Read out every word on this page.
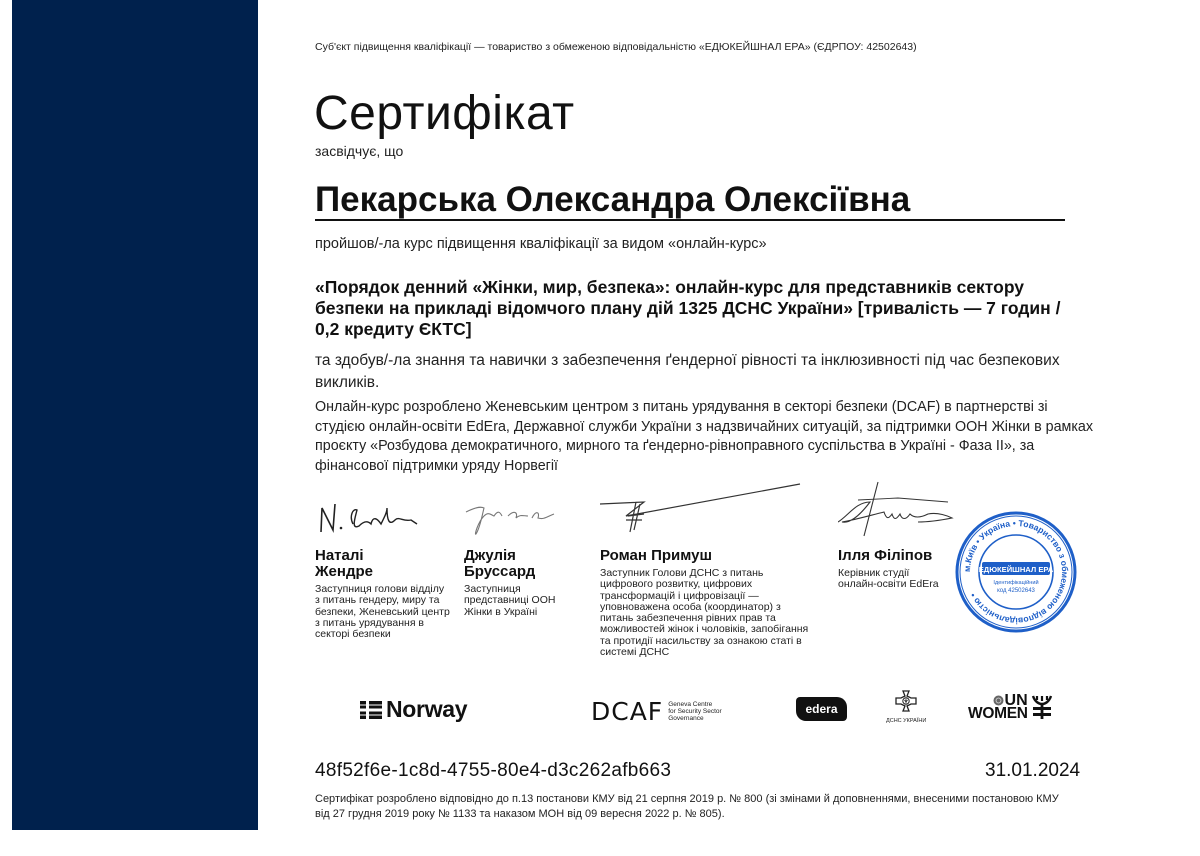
Суб'єкт підвищення кваліфікації — товариство з обмеженою відповідальністю «ЕДЮКЕЙШНАЛ ЕРА» (ЄДРПОУ: 42502643)
Сертифікат
засвідчує, що
Пекарська Олександра Олексіївна
пройшов/-ла курс підвищення кваліфікації за видом «онлайн-курс»
«Порядок денний «Жінки, мир, безпека»: онлайн-курс для представників сектору безпеки на прикладі відомчого плану дій 1325 ДСНС України» [тривалість — 7 годин / 0,2 кредиту ЄКТС]
та здобув/-ла знання та навички з забезпечення ґендерної рівності та інклюзивності під час безпекових викликів.
Онлайн-курс розроблено Женевським центром з питань урядування в секторі безпеки (DCAF) в партнерстві зі студією онлайн-освіти EdEra, Державної служби України з надзвичайних ситуацій, за підтримки ООН Жінки в рамках проєкту «Розбудова демократичного, мирного та ґендерно-рівноправного суспільства в Україні - Фаза II», за фінансової підтримки уряду Норвегії
Наталі
Жендре
Заступниця голови відділу з питань гендеру, миру та безпеки, Женевський центр з питань урядування в секторі безпеки
Джулія
Бруссард
Заступниця представниці ООН Жінки в Україні
Роман Примуш
Заступник Голови ДСНС з питань цифрового розвитку, цифрових трансформацій і цифровізації — уповноважена особа (координатор) з питань забезпечення рівних прав та можливостей жінок і чоловіків, запобігання та протидії насильству за ознакою статі в системі ДСНС
Ілля Філіпов
Керівник студії онлайн-освіти EdEra
м.Київ • Україна • Товариство з обмеженою відповідальністю •
«ЕДЮКЕЙШНАЛ ЕРА»
Ідентифікаційний
код 42502643
Norway	DCAF Geneva Centre
for Security Sector
Governance
edera
ДСНС УКРАЇНИ
UN
WOMEN
48f52f6e-1c8d-4755-80e4-d3c262afb663	31.01.2024
Сертифікат розроблено відповідно до п.13 постанови КМУ від 21 серпня 2019 р. № 800 (зі змінами й доповненнями, внесеними постановою КМУ від 27 грудня 2019 року № 1133 та наказом МОН від 09 вересня 2022 р. № 805).
